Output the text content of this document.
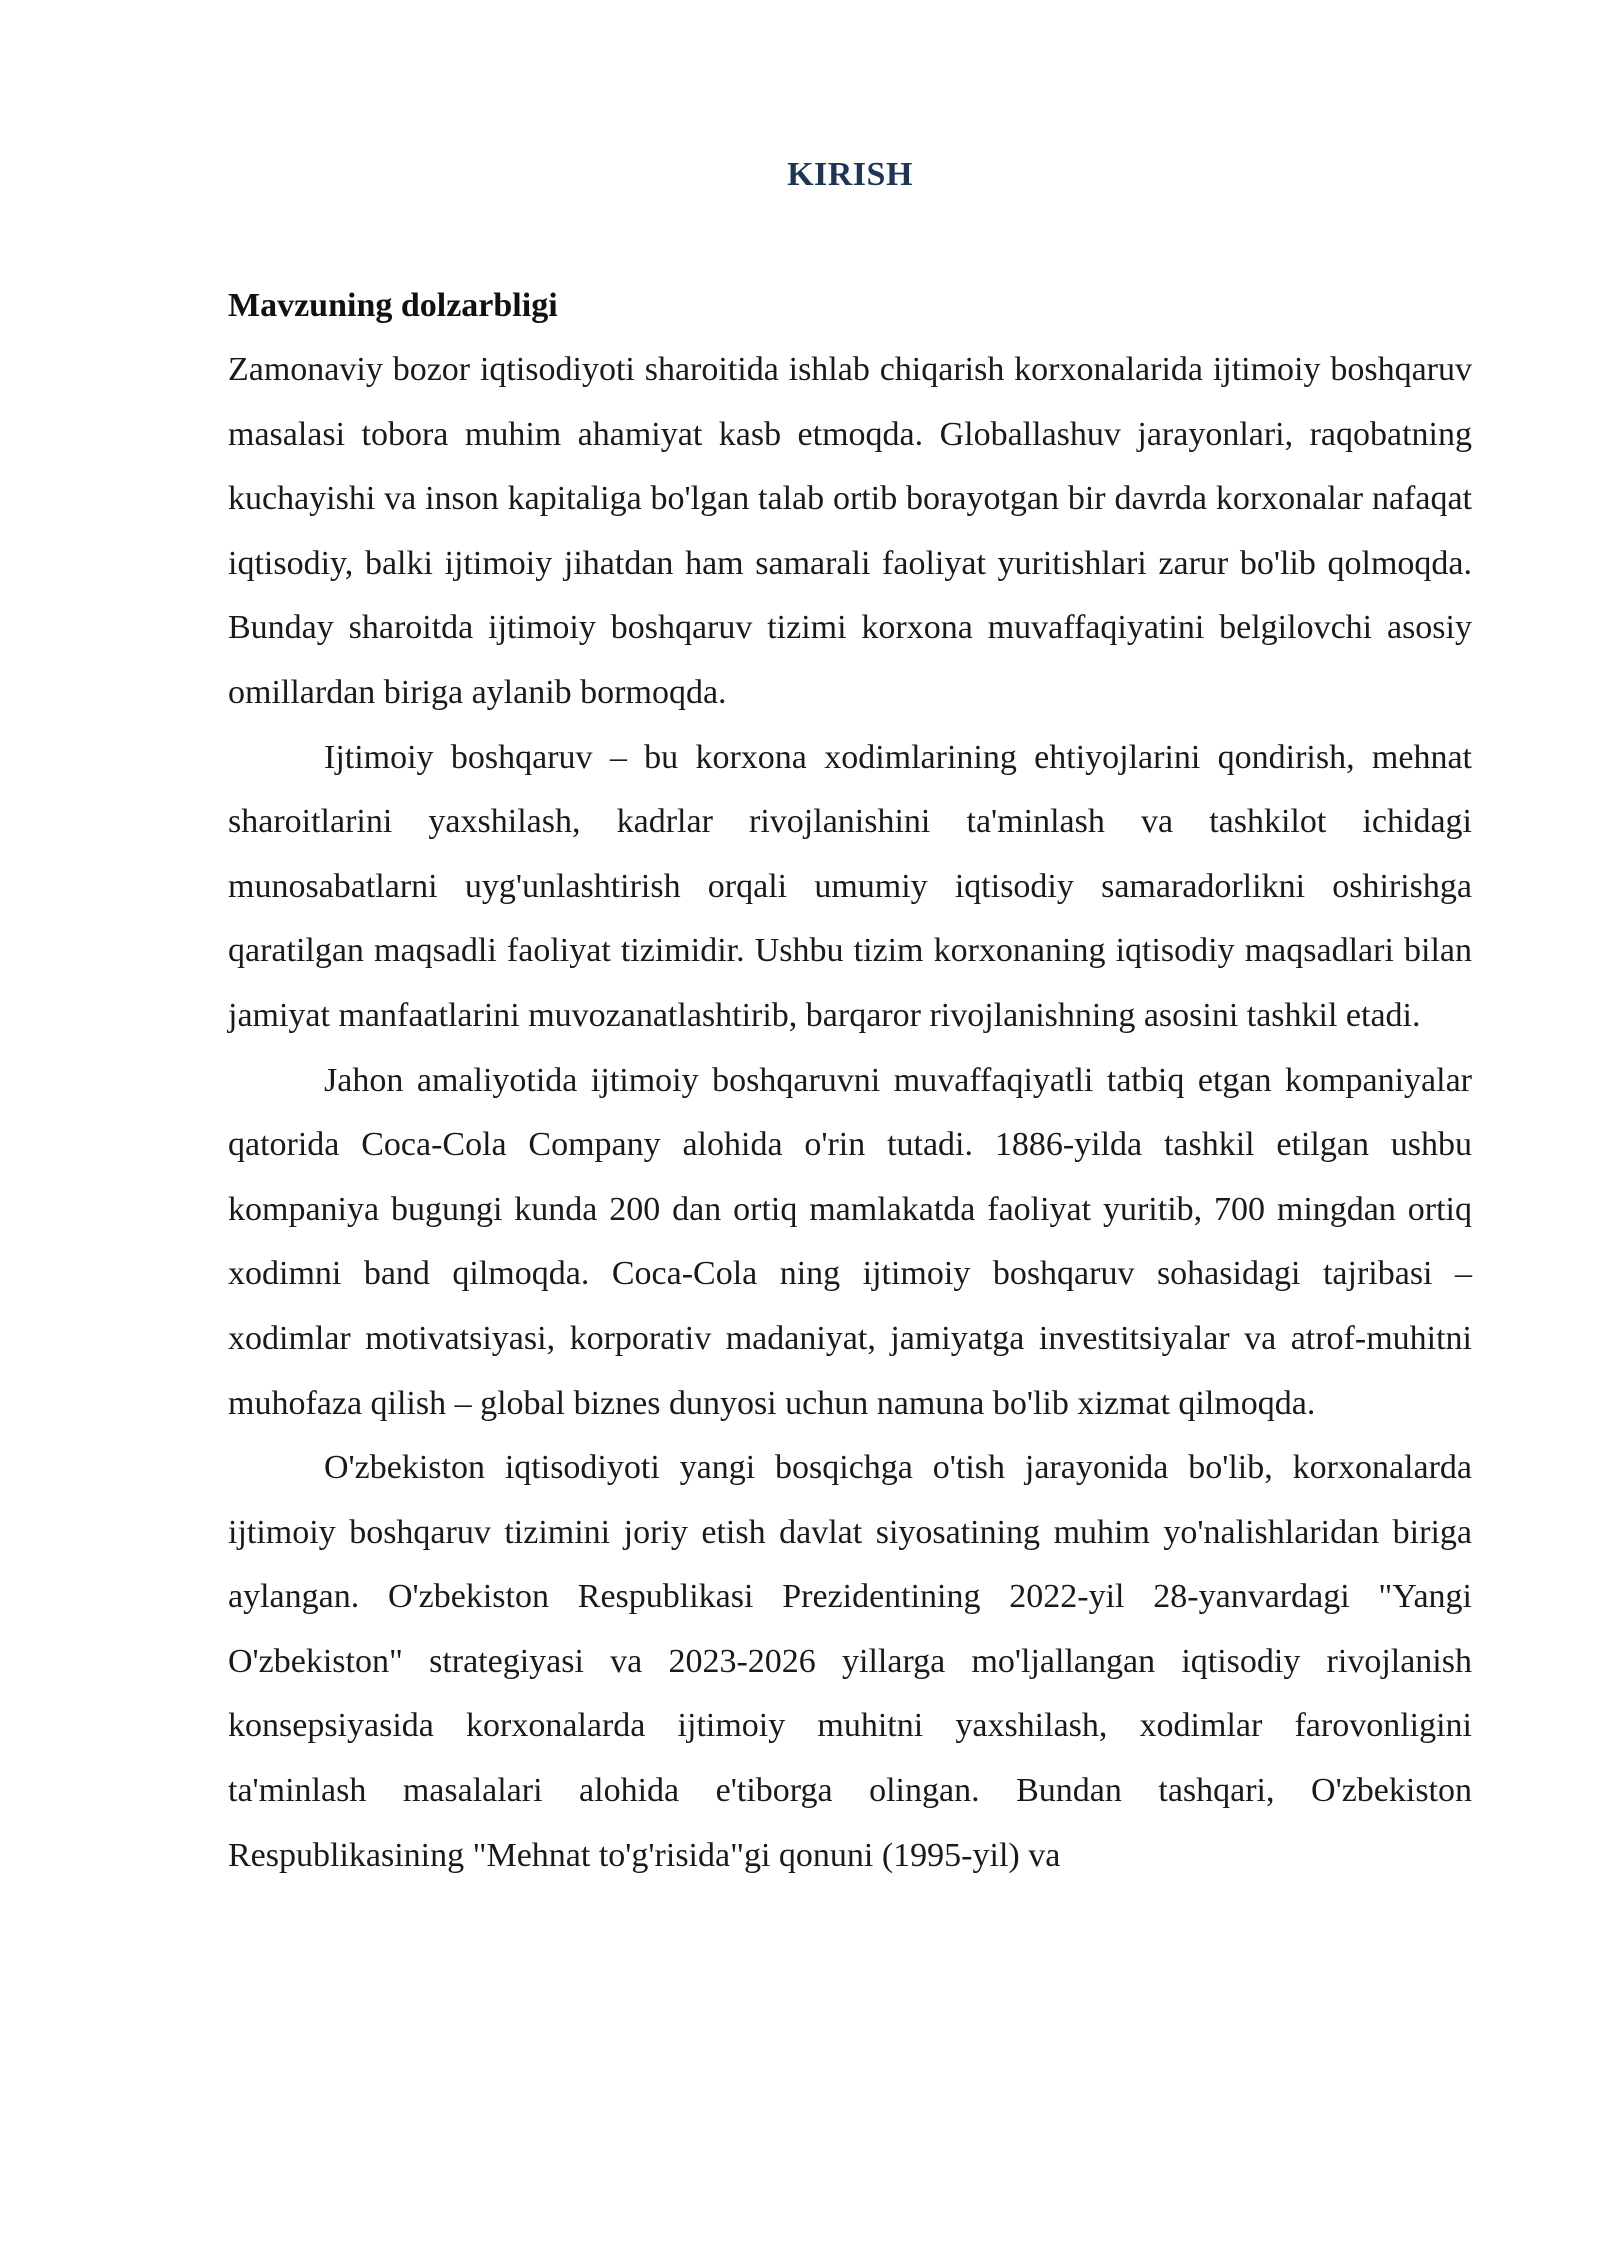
KIRISH
Mavzuning dolzarbligi

Zamonaviy bozor iqtisodiyoti sharoitida ishlab chiqarish korxonalarida ijtimoiy boshqaruv masalasi tobora muhim ahamiyat kasb etmoqda. Globallashuv jarayonlari, raqobatning kuchayishi va inson kapitaliga bo'lgan talab ortib borayotgan bir davrda korxonalar nafaqat iqtisodiy, balki ijtimoiy jihatdan ham samarali faoliyat yuritishlari zarur bo'lib qolmoqda. Bunday sharoitda ijtimoiy boshqaruv tizimi korxona muvaffaqiyatini belgilovchi asosiy omillardan biriga aylanib bormoqda.

Ijtimoiy boshqaruv – bu korxona xodimlarining ehtiyojlarini qondirish, mehnat sharoitlarini yaxshilash, kadrlar rivojlanishini ta'minlash va tashkilot ichidagi munosabatlarni uyg'unlashtirish orqali umumiy iqtisodiy samaradorlikni oshirishga qaratilgan maqsadli faoliyat tizimidir. Ushbu tizim korxonaning iqtisodiy maqsadlari bilan jamiyat manfaatlarini muvozanatlashtirib, barqaror rivojlanishning asosini tashkil etadi.

Jahon amaliyotida ijtimoiy boshqaruvni muvaffaqiyatli tatbiq etgan kompaniyalar qatorida Coca-Cola Company alohida o'rin tutadi. 1886-yilda tashkil etilgan ushbu kompaniya bugungi kunda 200 dan ortiq mamlakatda faoliyat yuritib, 700 mingdan ortiq xodimni band qilmoqda. Coca-Cola ning ijtimoiy boshqaruv sohasidagi tajribasi – xodimlar motivatsiyasi, korporativ madaniyat, jamiyatga investitsiyalar va atrof-muhitni muhofaza qilish – global biznes dunyosi uchun namuna bo'lib xizmat qilmoqda.

O'zbekiston iqtisodiyoti yangi bosqichga o'tish jarayonida bo'lib, korxonalarda ijtimoiy boshqaruv tizimini joriy etish davlat siyosatining muhim yo'nalishlaridan biriga aylangan. O'zbekiston Respublikasi Prezidentining 2022-yil 28-yanvardagi "Yangi O'zbekiston" strategiyasi va 2023-2026 yillarga mo'ljallangan iqtisodiy rivojlanish konsepsiyasida korxonalarda ijtimoiy muhitni yaxshilash, xodimlar farovonligini ta'minlash masalalari alohida e'tiborga olingan. Bundan tashqari, O'zbekiston Respublikasining "Mehnat to'g'risida"gi qonuni (1995-yil) va
